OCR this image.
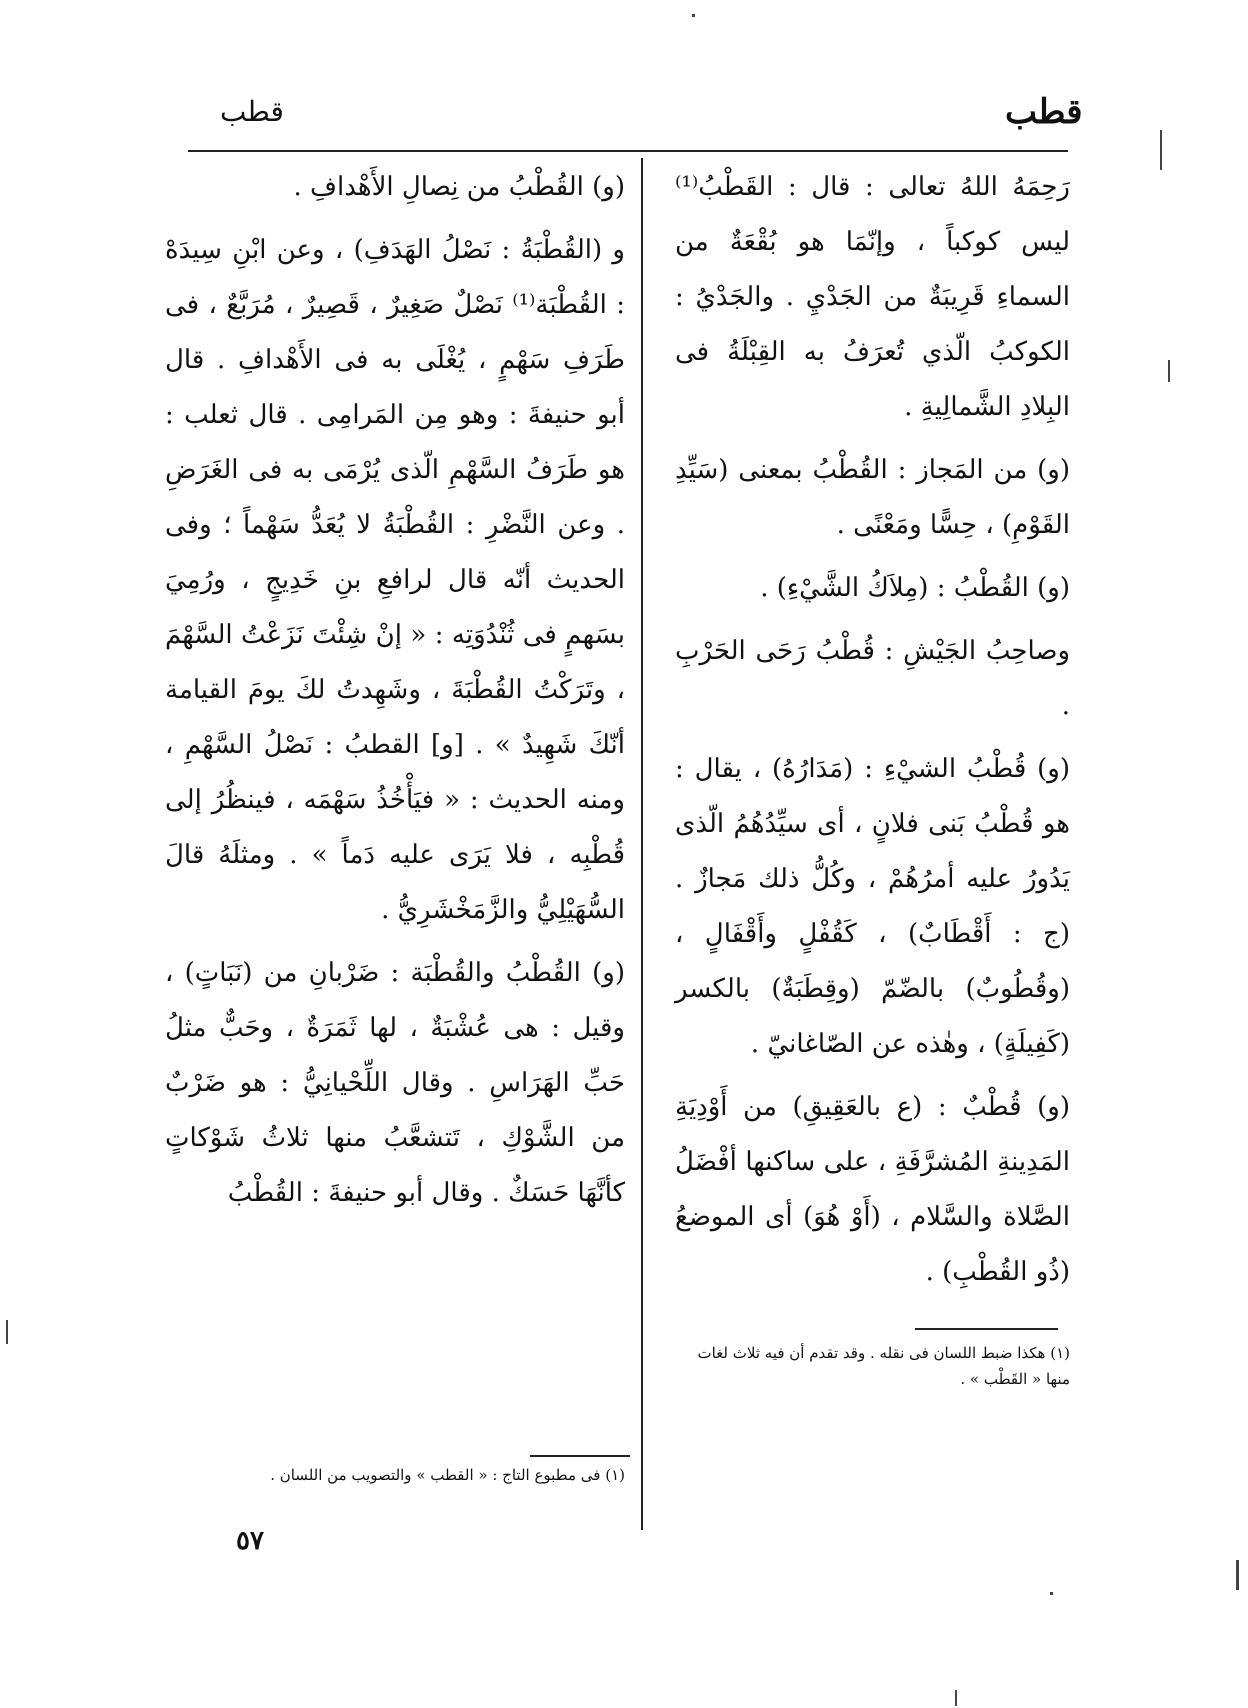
قطب	قطب

رَحِمَهُ اللهُ تعالى : قال : القَطْبُ⁽¹⁾ ليس كوكباً ، وإنّمَا هو بُقْعَةٌ من السماءِ قَرِيبَةٌ من الجَدْيِ . والجَدْيُ : الكوكبُ الّذي تُعرَفُ به القِبْلَةُ فى البِلادِ الشَّمالِيةِ .

(و) من المَجاز : القُطْبُ بمعنى (سَيِّدِ القَوْمِ) ، حِسًّا ومَعْنًى .

(و) القُطْبُ : (مِلاَكُ الشَّيْءِ) .

وصاحِبُ الجَيْشِ : قُطْبُ رَحَى الحَرْبِ .

(و) قُطْبُ الشيْءِ : (مَدَارُهُ) ، يقال : هو قُطْبُ بَنى فلانٍ ، أى سيِّدُهُمُ الّذى يَدُورُ عليه أمرُهُمْ ، وكُلُّ ذلك مَجازٌ . (ج : أَقْطَابٌ) ، كَقُفْلٍ وأَقْفَالٍ ، (وقُطُوبٌ) بالضّمّ (وقِطَبَةٌ) بالكسر (كَفِيلَةٍ) ، وهٰذه عن الصّاغانيّ .

(و) قُطْبٌ : (ع بالعَقِيقِ) من أَوْدِيَةِ المَدِينةِ المُشرَّفَةِ ، على ساكنها أفْضَلُ الصَّلاة والسَّلام ، (أَوْ هُوَ) أى الموضعُ (ذُو القُطْبِ) .

(و) القُطْبُ من نِصالِ الأَهْدافِ .

و (القُطْبَةُ : نَصْلُ الهَدَفِ) ، وعن ابْنِ سِيدَهْ : القُطْبَة⁽¹⁾ نَصْلٌ صَغِيرٌ ، قَصِيرٌ ، مُرَبَّعٌ ، فى طَرَفِ سَهْمٍ ، يُغْلَى به فى الأَهْدافِ . قال أبو حنيفةَ : وهو مِن المَرامِى . قال ثعلب : هو طَرَفُ السَّهْمِ الّذى يُرْمَى به فى الغَرَضِ . وعن النَّضْرِ : القُطْبَةُ لا يُعَدُّ سَهْماً ؛ وفى الحديث أنّه قال لرافعِ بنِ خَدِيجٍ ، ورُمِيَ بسَهمٍ فى ثُنْدُوَتِه : « إنْ شِئْتَ نَزَعْتُ السَّهْمَ ، وتَرَكْتُ القُطْبَةَ ، وشَهِدتُ لكَ يومَ القيامة أنّكَ شَهِيدٌ » . [و] القطبُ : نَصْلُ السَّهْمِ ، ومنه الحديث : « فيَأْخُذُ سَهْمَه ، فينظُرُ إلى قُطْبِه ، فلا يَرَى عليه دَماً » . ومثلَهُ قالَ السُّهَيْلِيُّ والزَّمَخْشَرِيُّ .

(و) القُطْبُ والقُطْبَة : ضَرْبانِ من (نَبَاتٍ) ، وقيل : هى عُشْبَةٌ ، لها ثَمَرَةٌ ، وحَبٌّ مثلُ حَبِّ الهَرَاسِ . وقال اللِّحْيانِيُّ : هو ضَرْبٌ من الشَّوْكِ ، تَتشعَّبُ منها ثلاثُ شَوْكاتٍ كأنَّهَا حَسَكٌ . وقال أبو حنيفةَ : القُطْبُ

(١) هكذا ضبط اللسان فى نقله . وقد تقدم أن فيه ثلاث لغات منها « القَطْب » .
(١) فى مطبوع التاج : « القطب » والتصويب من اللسان .
٥٧
